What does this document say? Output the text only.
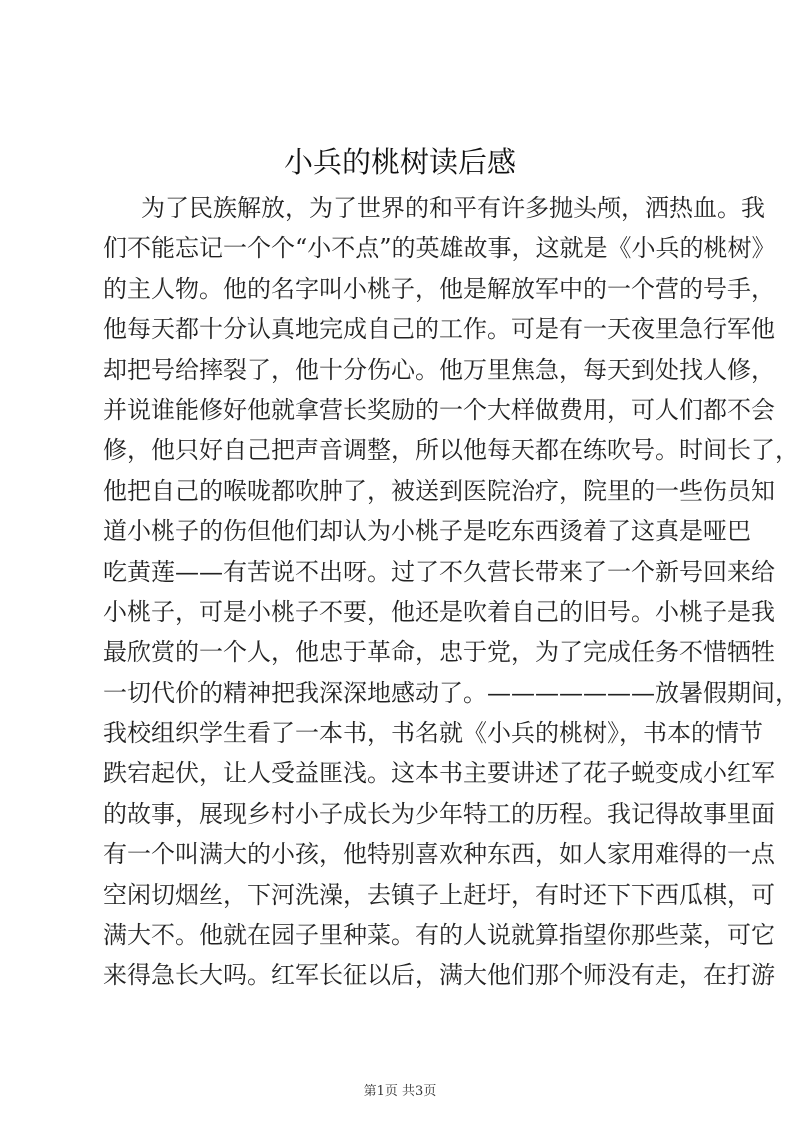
小兵的桃树读后感
为了民族解放，为了世界的和平有许多抛头颅，洒热血。我
们不能忘记一个个“小不点”的英雄故事，这就是《小兵的桃树》
的主人物。他的名字叫小桃子，他是解放军中的一个营的号手，
他每天都十分认真地完成自己的工作。可是有一天夜里急行军他
却把号给摔裂了，他十分伤心。他万里焦急，每天到处找人修，
并说谁能修好他就拿营长奖励的一个大样做费用，可人们都不会
修，他只好自己把声音调整，所以他每天都在练吹号。时间长了，
他把自己的喉咙都吹肿了，被送到医院治疗，院里的一些伤员知
道小桃子的伤但他们却认为小桃子是吃东西烫着了这真是哑巴
吃黄莲——有苦说不出呀。过了不久营长带来了一个新号回来给
小桃子，可是小桃子不要，他还是吹着自己的旧号。小桃子是我
最欣赏的一个人，他忠于革命，忠于党，为了完成任务不惜牺牲
一切代价的精神把我深深地感动了。———————放暑假期间，
我校组织学生看了一本书，书名就《小兵的桃树》，书本的情节
跌宕起伏，让人受益匪浅。这本书主要讲述了花子蜕变成小红军
的故事，展现乡村小子成长为少年特工的历程。我记得故事里面
有一个叫满大的小孩，他特别喜欢种东西，如人家用难得的一点
空闲切烟丝，下河洗澡，去镇子上赶圩，有时还下下西瓜棋，可
满大不。他就在园子里种菜。有的人说就算指望你那些菜，可它
来得急长大吗。红军长征以后，满大他们那个师没有走，在打游
第1页 共3页
